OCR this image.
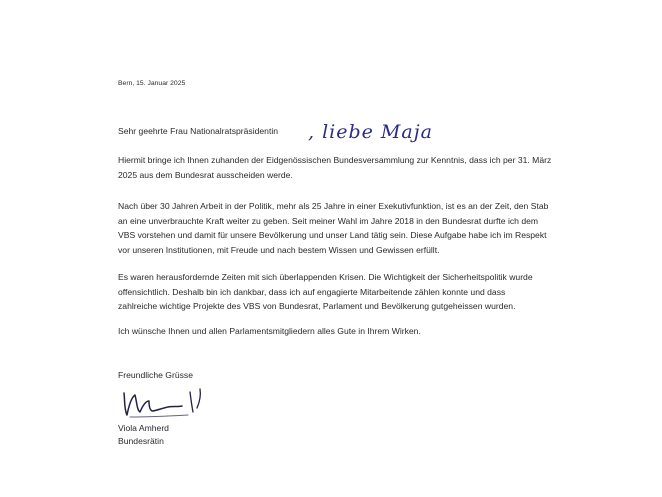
Bern, 15. Januar 2025
Sehr geehrte Frau Nationalratspräsidentin	, liebe Maja
Hiermit bringe ich Ihnen zuhanden der Eidgenössischen Bundesversammlung zur Kenntnis, dass ich per 31. März
2025 aus dem Bundesrat ausscheiden werde.
Nach über 30 Jahren Arbeit in der Politik, mehr als 25 Jahre in einer Exekutivfunktion, ist es an der Zeit, den Stab
an eine unverbrauchte Kraft weiter zu geben. Seit meiner Wahl im Jahre 2018 in den Bundesrat durfte ich dem
VBS vorstehen und damit für unsere Bevölkerung und unser Land tätig sein. Diese Aufgabe habe ich im Respekt
vor unseren Institutionen, mit Freude und nach bestem Wissen und Gewissen erfüllt.
Es waren herausfordernde Zeiten mit sich überlappenden Krisen. Die Wichtigkeit der Sicherheitspolitik wurde
offensichtlich. Deshalb bin ich dankbar, dass ich auf engagierte Mitarbeitende zählen konnte und dass
zahlreiche wichtige Projekte des VBS von Bundesrat, Parlament und Bevölkerung gutgeheissen wurden.
Ich wünsche Ihnen und allen Parlamentsmitgliedern alles Gute in Ihrem Wirken.
Freundliche Grüsse
Viola Amherd
Bundesrätin
